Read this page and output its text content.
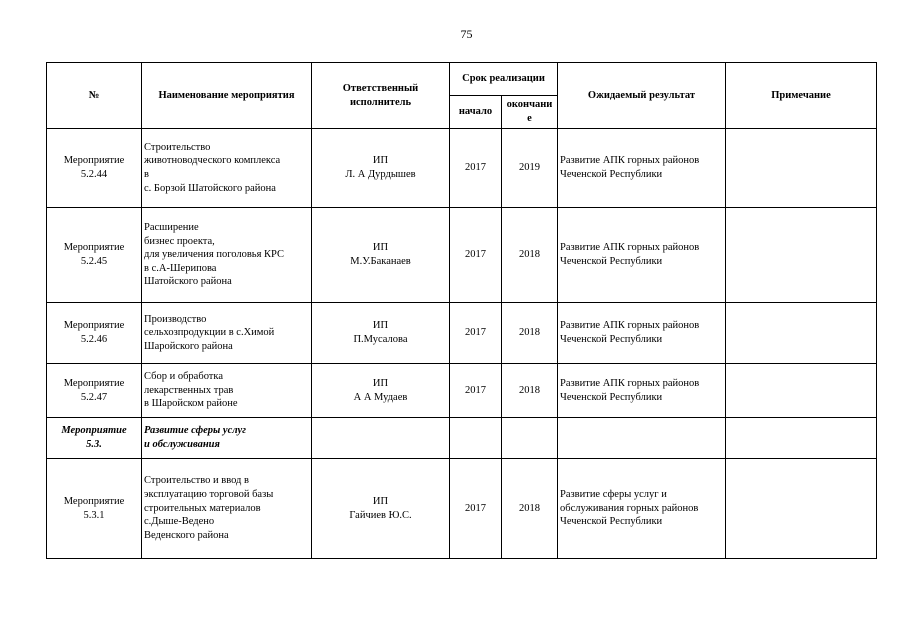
75
№	Наименование мероприятия	Ответственный
исполнитель	Срок реализации		Ожидаемый результат	Примечание
			начало	окончани
е		
Мероприятие
5.2.44	Строительство
животноводческого комплекса
в
с. Борзой Шатойского района	ИП
Л. А Дурдышев	2017	2019	Развитие АПК горных районов
Чеченской Республики	
Мероприятие
5.2.45	Расширение
бизнес проекта,
для увеличения поголовья КРС
в с.А-Шерипова
Шатойского района	ИП
М.У.Баканаев	2017	2018	Развитие АПК горных районов
Чеченской Республики	
Мероприятие
5.2.46	Производство
сельхозпродукции в с.Химой
Шаройского района	ИП
П.Мусалова	2017	2018	Развитие АПК горных районов
Чеченской Республики	
Мероприятие
5.2.47	Сбор и обработка
лекарственных трав
в Шаройском районе	ИП
А А Мудаев	2017	2018	Развитие АПК горных районов
Чеченской Республики	
Мероприятие
5.3.	Развитие сферы услуг
и обслуживания					
Мероприятие
5.3.1	Строительство и ввод в
эксплуатацию торговой базы
строительных материалов
с.Дыше-Ведено
Веденского района	ИП
Гайчиев Ю.С.	2017	2018	Развитие сферы услуг и
обслуживания горных районов
Чеченской Республики	
